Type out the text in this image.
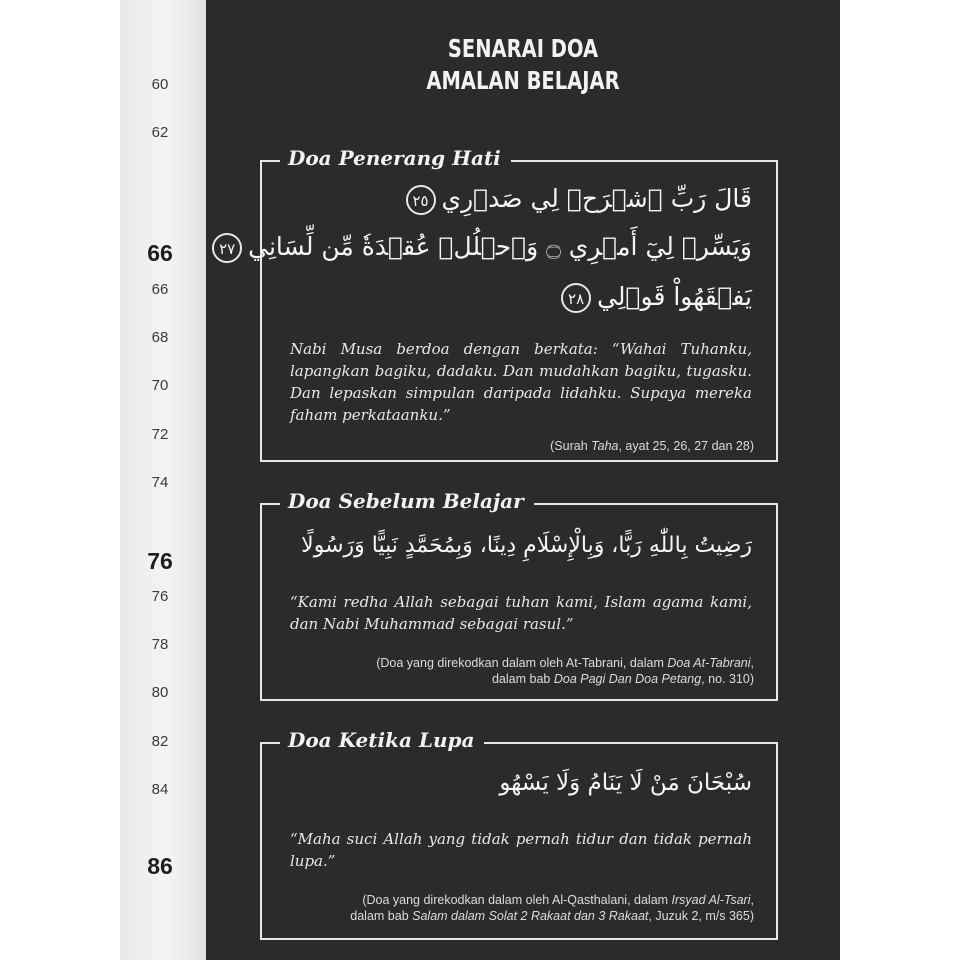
60
62
66
66
68
70
72
74
76
76
78
80
82
84
86
SENARAI DOA
AMALAN BELAJAR
Doa Penerang Hati
قَالَ رَبِّ ٱشۡرَحۡ لِي صَدۡرِي٢٥
وَيَسِّرۡ لِيٓ أَمۡرِي ۝ وَٱحۡلُلۡ عُقۡدَةٗ مِّن لِّسَانِي٢٧
يَفۡقَهُواْ قَوۡلِي٢٨
Nabi Musa berdoa dengan berkata: “Wahai Tuhanku, lapangkan bagiku, dadaku. Dan mudahkan bagiku, tugasku. Dan lepaskan simpulan daripada lidahku. Supaya mereka faham perkataanku.”
(Surah Taha, ayat 25, 26, 27 dan 28)
Doa Sebelum Belajar
رَضِيتُ بِاللّٰهِ رَبًّا، وَبِالْإِسْلَامِ دِينًا، وَبِمُحَمَّدٍ نَبِيًّا وَرَسُولًا
“Kami redha Allah sebagai tuhan kami, Islam agama kami, dan Nabi Muhammad sebagai rasul.”
(Doa yang direkodkan dalam oleh At-Tabrani, dalam Doa At-Tabrani,
dalam bab Doa Pagi Dan Doa Petang, no. 310)
Doa Ketika Lupa
سُبْحَانَ مَنْ لَا يَنَامُ وَلَا يَسْهُو
“Maha suci Allah yang tidak pernah tidur dan tidak pernah lupa.”
(Doa yang direkodkan dalam oleh Al-Qasthalani, dalam Irsyad Al-Tsari,
dalam bab Salam dalam Solat 2 Rakaat dan 3 Rakaat, Juzuk 2, m/s 365)
